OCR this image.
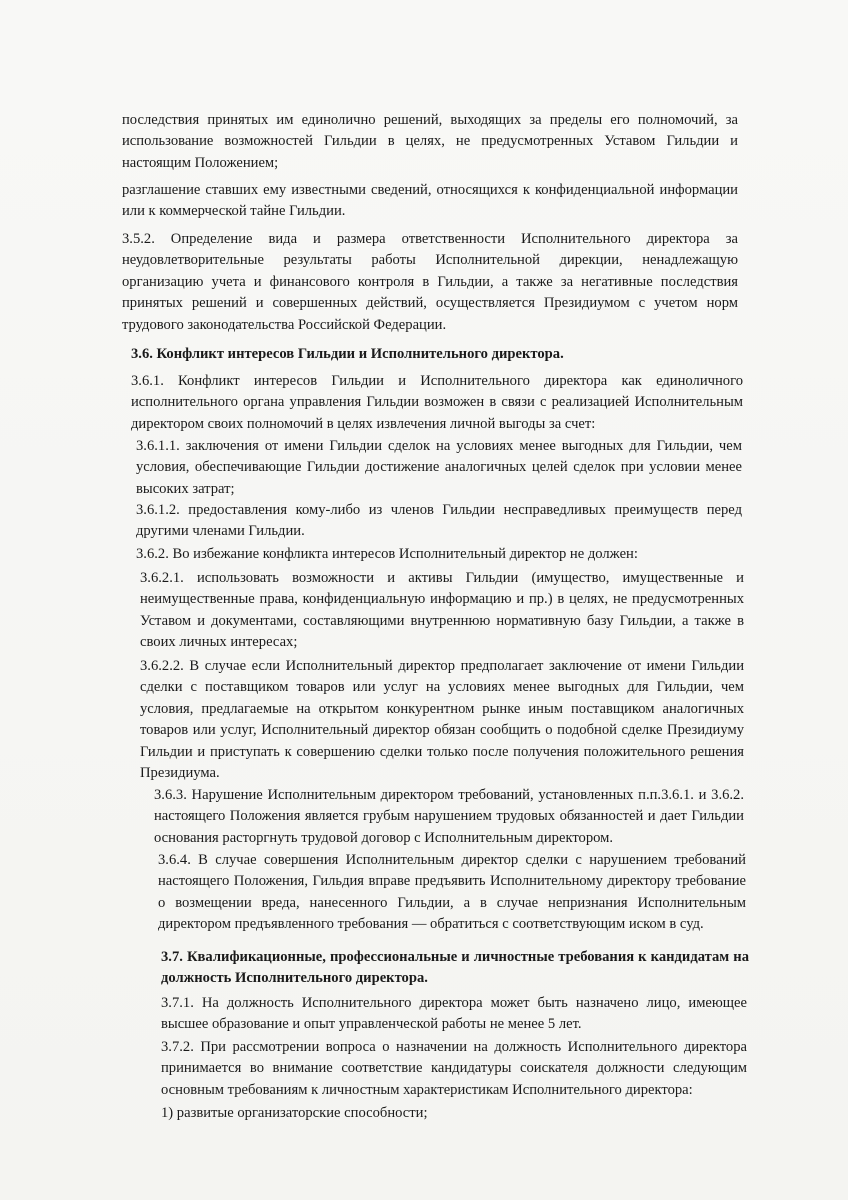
последствия принятых им единолично решений, выходящих за пределы его полномочий, за использование возможностей Гильдии в целях, не предусмотренных Уставом Гильдии и настоящим Положением;

разглашение ставших ему известными сведений, относящихся к конфиденциальной информации или к коммерческой тайне Гильдии.

3.5.2. Определение вида и размера ответственности Исполнительного директора за неудовлетворительные результаты работы Исполнительной дирекции, ненадлежащую организацию учета и финансового контроля в Гильдии, а также за негативные последствия принятых решений и совершенных действий, осуществляется Президиумом с учетом норм трудового законодательства Российской Федерации.

3.6. Конфликт интересов Гильдии и Исполнительного директора.

3.6.1. Конфликт интересов Гильдии и Исполнительного директора как единоличного исполнительного органа управления Гильдии возможен в связи с реализацией Исполнительным директором своих полномочий в целях извлечения личной выгоды за счет:

3.6.1.1. заключения от имени Гильдии сделок на условиях менее выгодных для Гильдии, чем условия, обеспечивающие Гильдии достижение аналогичных целей сделок при условии менее высоких затрат;

3.6.1.2. предоставления кому-либо из членов Гильдии несправедливых преимуществ перед другими членами Гильдии.

3.6.2. Во избежание конфликта интересов Исполнительный директор не должен:

3.6.2.1. использовать возможности и активы Гильдии (имущество, имущественные и неимущественные права, конфиденциальную информацию и пр.) в целях, не предусмотренных Уставом и документами, составляющими внутреннюю нормативную базу Гильдии, а также в своих личных интересах;

3.6.2.2. В случае если Исполнительный директор предполагает заключение от имени Гильдии сделки с поставщиком товаров или услуг на условиях менее выгодных для Гильдии, чем условия, предлагаемые на открытом конкурентном рынке иным поставщиком аналогичных товаров или услуг, Исполнительный директор обязан сообщить о подобной сделке Президиуму Гильдии и приступать к совершению сделки только после получения положительного решения Президиума.

3.6.3. Нарушение Исполнительным директором требований, установленных п.п.3.6.1. и 3.6.2. настоящего Положения является грубым нарушением трудовых обязанностей и дает Гильдии основания расторгнуть трудовой договор с Исполнительным директором.

3.6.4. В случае совершения Исполнительным директор сделки с нарушением требований настоящего Положения, Гильдия вправе предъявить Исполнительному директору требование о возмещении вреда, нанесенного Гильдии, а в случае непризнания Исполнительным директором предъявленного требования — обратиться с соответствующим иском в суд.

3.7. Квалификационные, профессиональные и личностные требования к кандидатам на должность Исполнительного директора.

3.7.1. На должность Исполнительного директора может быть назначено лицо, имеющее высшее образование и опыт управленческой работы не менее 5 лет.

3.7.2. При рассмотрении вопроса о назначении на должность Исполнительного директора принимается во внимание соответствие кандидатуры соискателя должности следующим основным требованиям к личностным характеристикам Исполнительного директора:

1) развитые организаторские способности;
